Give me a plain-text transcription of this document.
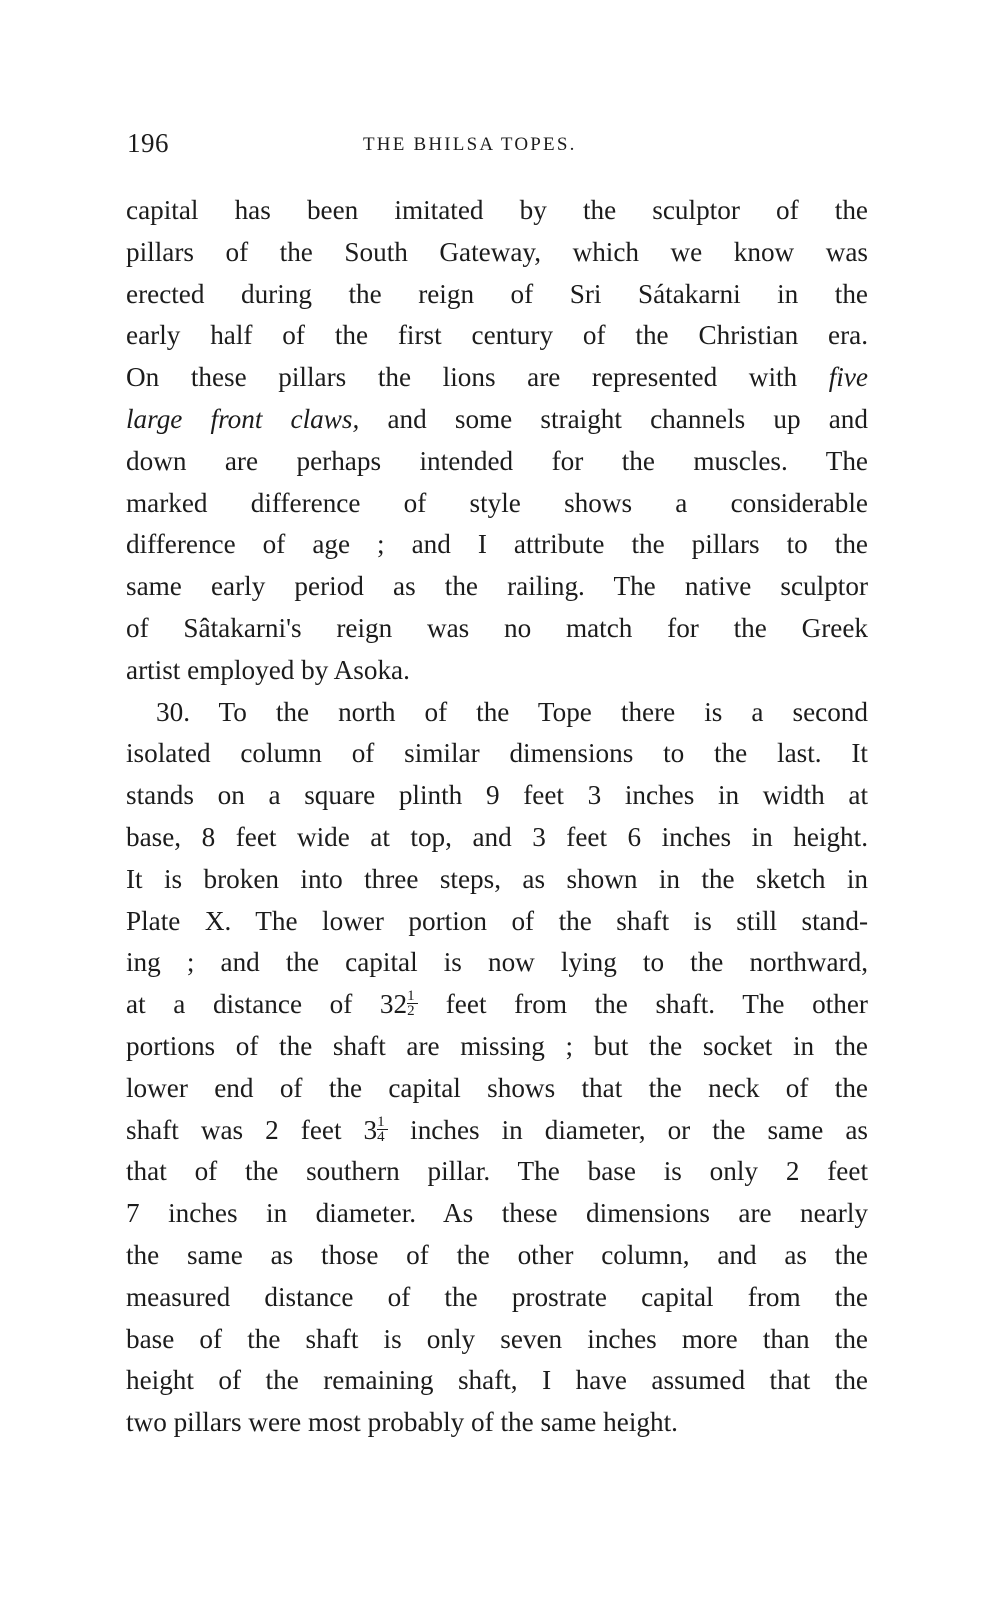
196	THE BHILSA TOPES.
capital has been imitated by the sculptor of the
pillars of the South Gateway, which we know was
erected during the reign of Sri Sátakarni in the
early half of the first century of the Christian era.
On these pillars the lions are represented with five
large front claws, and some straight channels up and
down are perhaps intended for the muscles. The
marked difference of style shows a considerable
difference of age ; and I attribute the pillars to the
same early period as the railing. The native sculptor
of Sâtakarni's reign was no match for the Greek
artist employed by Asoka.
30. To the north of the Tope there is a second
isolated column of similar dimensions to the last. It
stands on a square plinth 9 feet 3 inches in width at
base, 8 feet wide at top, and 3 feet 6 inches in height.
It is broken into three steps, as shown in the sketch in
Plate X. The lower portion of the shaft is still stand-
ing ; and the capital is now lying to the northward,
at a distance of $32 \frac{1}{2}$ feet from the shaft. The other
portions of the shaft are missing ; but the socket in the
lower end of the capital shows that the neck of the
shaft was 2 feet $3 \frac{1}{4}$ inches in diameter, or the same as
that of the southern pillar. The base is only 2 feet
7 inches in diameter. As these dimensions are nearly
the same as those of the other column, and as the
measured distance of the prostrate capital from the
base of the shaft is only seven inches more than the
height of the remaining shaft, I have assumed that the
two pillars were most probably of the same height.
